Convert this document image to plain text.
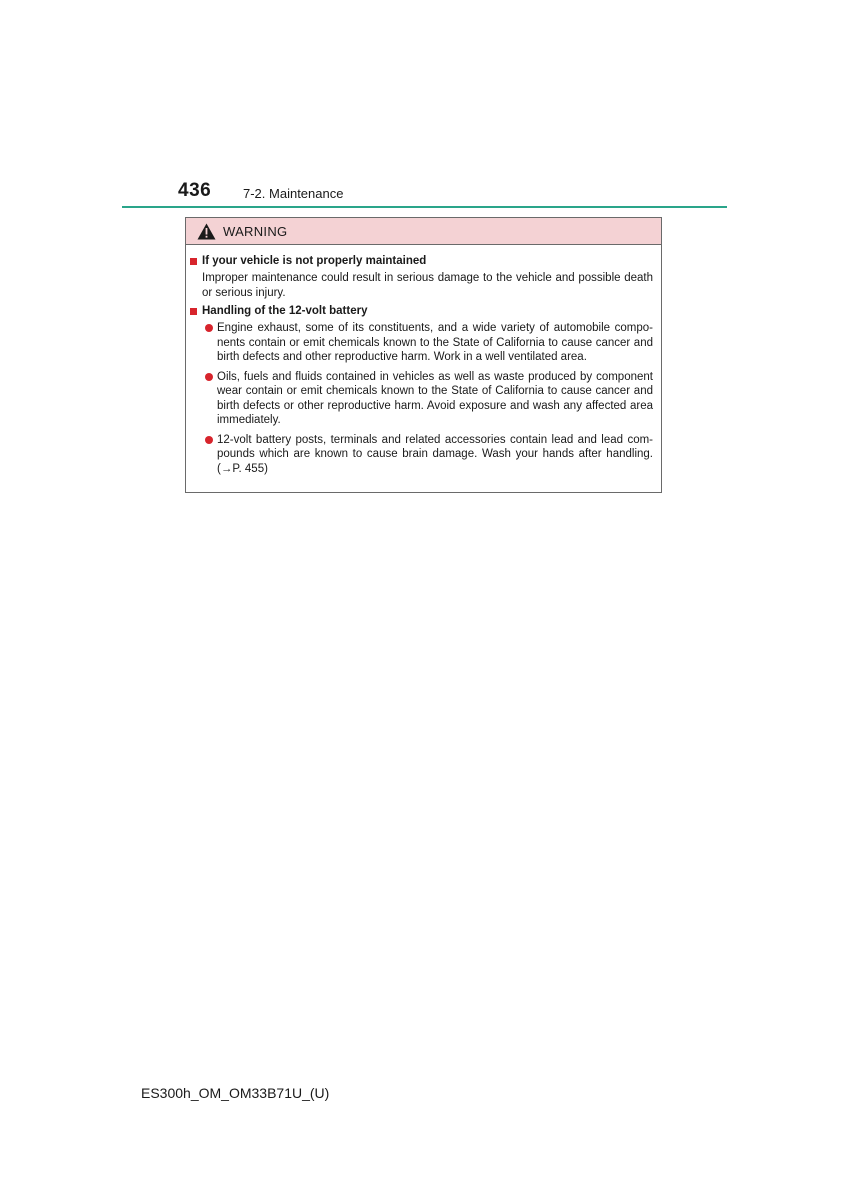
436 7-2. Maintenance
WARNING
If your vehicle is not properly maintained
Improper maintenance could result in serious damage to the vehicle and possible death or serious injury.
Handling of the 12-volt battery
Engine exhaust, some of its constituents, and a wide variety of automobile compo- nents contain or emit chemicals known to the State of California to cause cancer and birth defects and other reproductive harm. Work in a well ventilated area.
Oils, fuels and fluids contained in vehicles as well as waste produced by component wear contain or emit chemicals known to the State of California to cause cancer and birth defects or other reproductive harm. Avoid exposure and wash any affected area immediately.
12-volt battery posts, terminals and related accessories contain lead and lead com- pounds which are known to cause brain damage. Wash your hands after handling. (→P. 455)
ES300h_OM_OM33B71U_(U)
